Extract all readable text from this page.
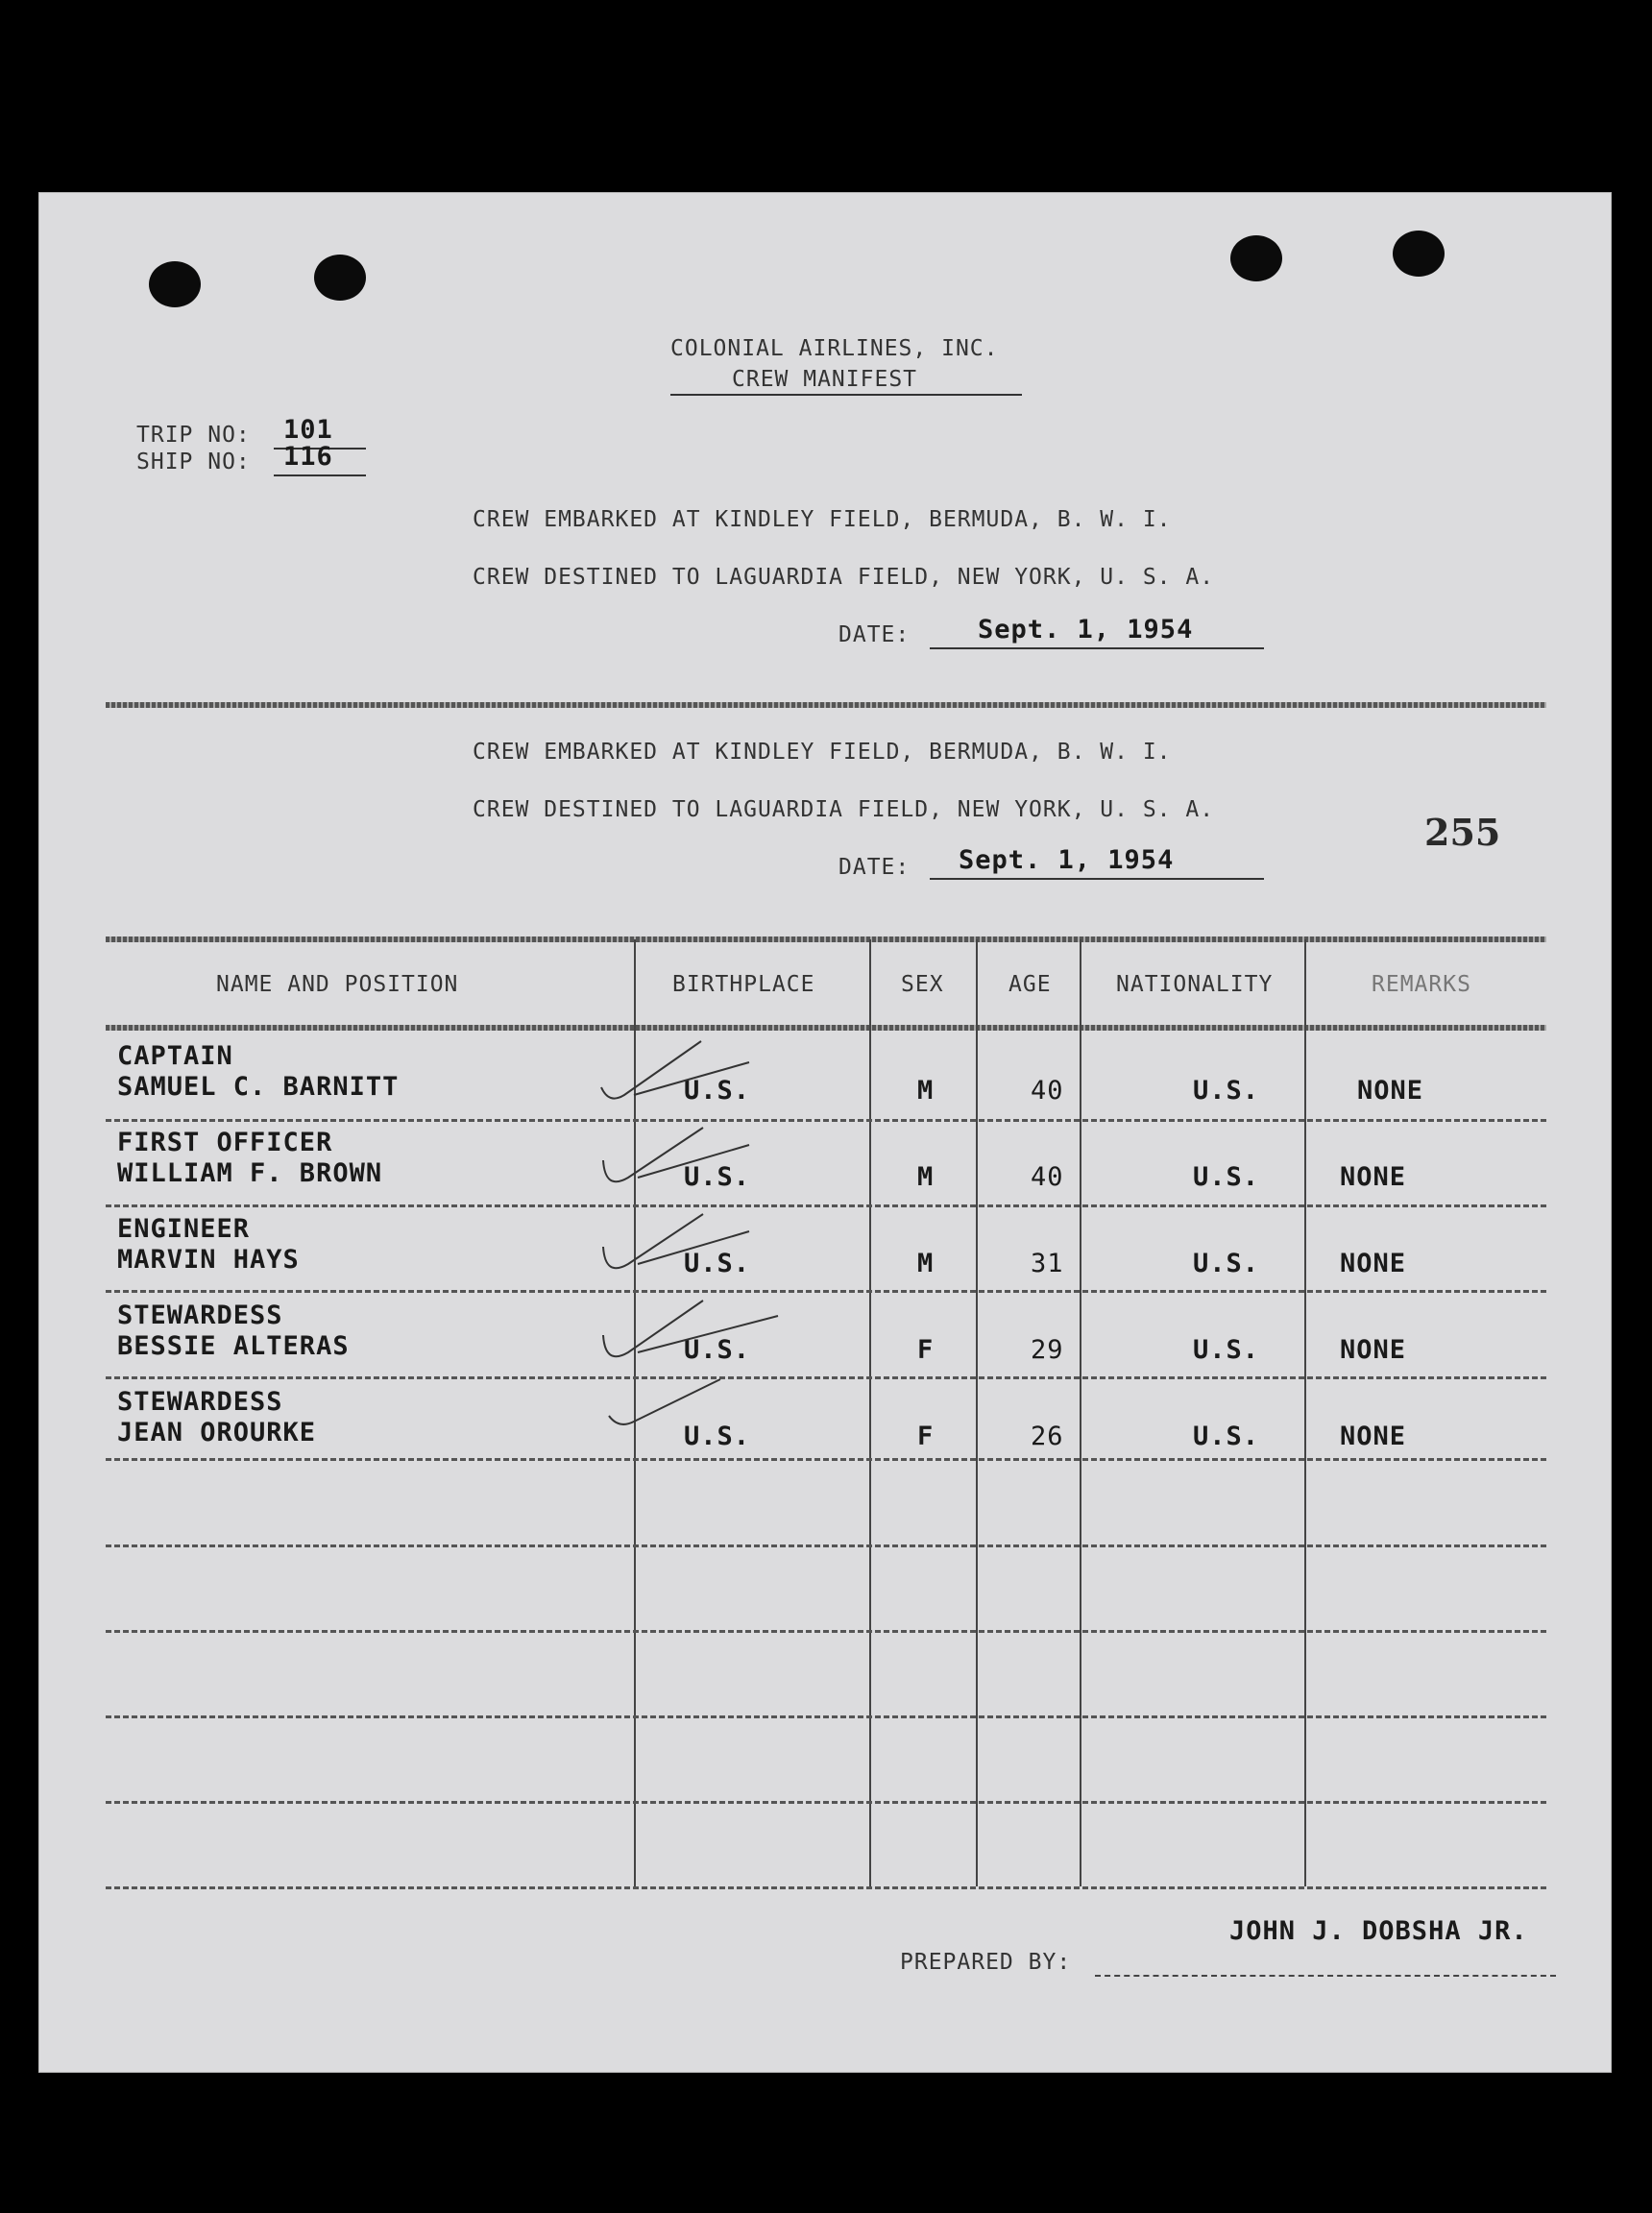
COLONIAL AIRLINES, INC.
CREW MANIFEST
TRIP NO: 101
SHIP NO: 116
CREW EMBARKED AT KINDLEY FIELD, BERMUDA, B. W. I.
CREW DESTINED TO LAGUARDIA FIELD, NEW YORK, U. S. A.
DATE:	Sept. 1, 1954
CREW EMBARKED AT KINDLEY FIELD, BERMUDA, B. W. I.
CREW DESTINED TO LAGUARDIA FIELD, NEW YORK, U. S. A.
255
DATE: Sept. 1, 1954
NAME AND POSITION	BIRTHPLACE	SEX	AGE	NATIONALITY	REMARKS
CAPTAIN
SAMUEL C. BARNITT	U.S.	M	40	U.S.	NONE
FIRST OFFICER
WILLIAM F. BROWN	U.S.	M	40	U.S.	NONE
ENGINEER
MARVIN HAYS	U.S.	M	31	U.S.	NONE
STEWARDESS
BESSIE ALTERAS	U.S.	F	29	U.S.	NONE
STEWARDESS
JEAN OROURKE	U.S.	F	26	U.S.	NONE
JOHN J. DOBSHA JR.
PREPARED BY:
